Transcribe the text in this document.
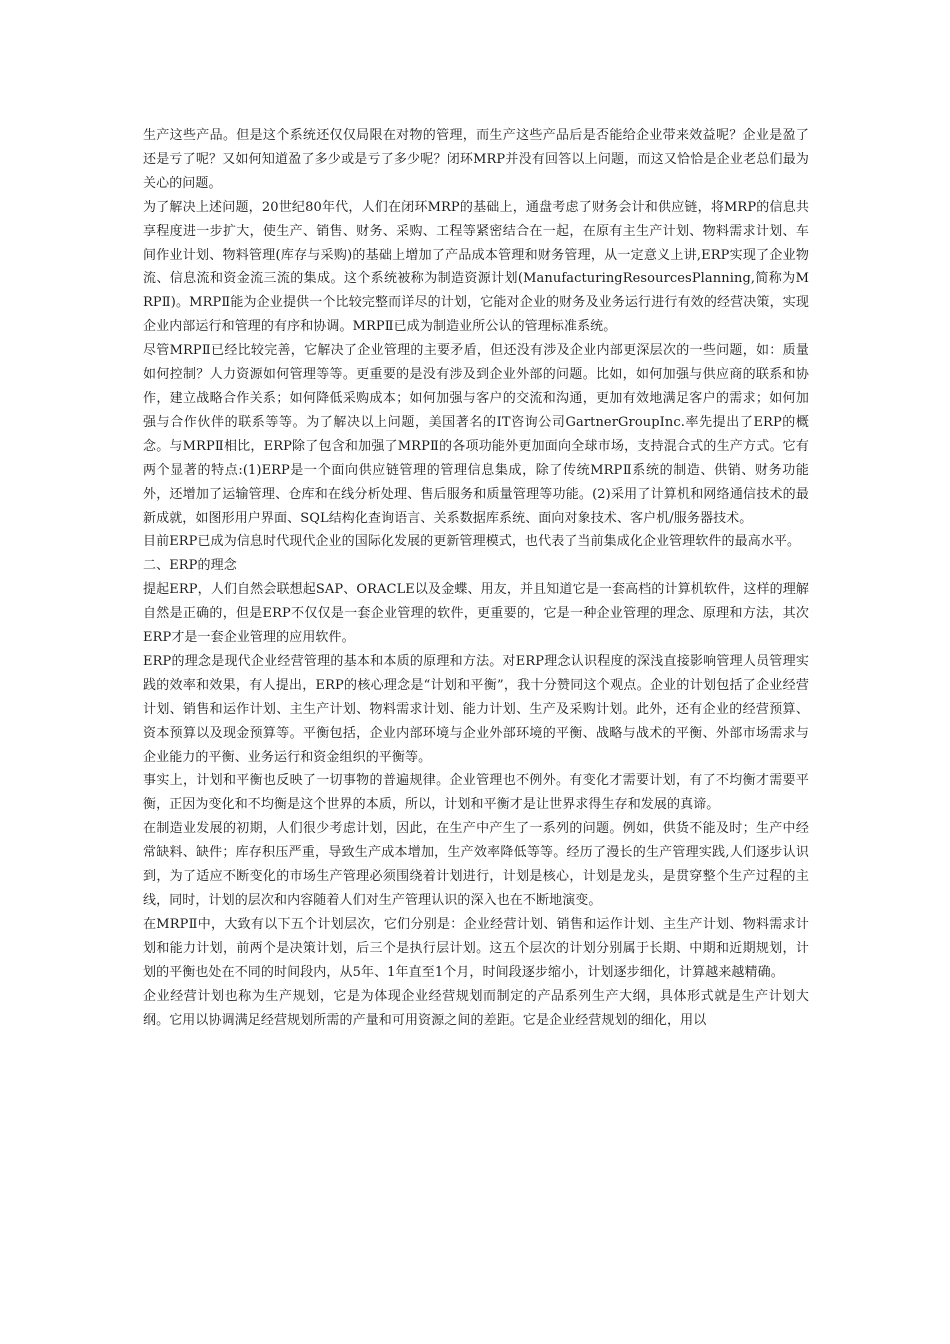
生产这些产品。但是这个系统还仅仅局限在对物的管理，而生产这些产品后是否能给企业带来效益呢？企业是盈了还是亏了呢？又如何知道盈了多少或是亏了多少呢？闭环MRP并没有回答以上问题，而这又恰恰是企业老总们最为关心的问题。

为了解决上述问题，20世纪80年代，人们在闭环MRP的基础上，通盘考虑了财务会计和供应链，将MRP的信息共享程度进一步扩大，使生产、销售、财务、采购、工程等紧密结合在一起，在原有主生产计划、物料需求计划、车间作业计划、物料管理(库存与采购)的基础上增加了产品成本管理和财务管理，从一定意义上讲,ERP实现了企业物流、信息流和资金流三流的集成。这个系统被称为制造资源计划(ManufacturingResourcesPlanning,简称为MRPⅡ)。MRPⅡ能为企业提供一个比较完整而详尽的计划，它能对企业的财务及业务运行进行有效的经营决策，实现企业内部运行和管理的有序和协调。MRPⅡ已成为制造业所公认的管理标准系统。

尽管MRPⅡ已经比较完善，它解决了企业管理的主要矛盾，但还没有涉及企业内部更深层次的一些问题，如：质量如何控制？人力资源如何管理等等。更重要的是没有涉及到企业外部的问题。比如，如何加强与供应商的联系和协作，建立战略合作关系；如何降低采购成本；如何加强与客户的交流和沟通，更加有效地满足客户的需求；如何加强与合作伙伴的联系等等。为了解决以上问题，美国著名的IT咨询公司GartnerGroupInc.率先提出了ERP的概念。与MRPⅡ相比，ERP除了包含和加强了MRPⅡ的各项功能外更加面向全球市场，支持混合式的生产方式。它有两个显著的特点:(1)ERP是一个面向供应链管理的管理信息集成，除了传统MRPⅡ系统的制造、供销、财务功能外，还增加了运输管理、仓库和在线分析处理、售后服务和质量管理等功能。(2)采用了计算机和网络通信技术的最新成就，如图形用户界面、SQL结构化查询语言、关系数据库系统、面向对象技术、客户机/服务器技术。

目前ERP已成为信息时代现代企业的国际化发展的更新管理模式，也代表了当前集成化企业管理软件的最高水平。

二、ERP的理念

提起ERP，人们自然会联想起SAP、ORACLE以及金蝶、用友，并且知道它是一套高档的计算机软件，这样的理解自然是正确的，但是ERP不仅仅是一套企业管理的软件，更重要的，它是一种企业管理的理念、原理和方法，其次ERP才是一套企业管理的应用软件。

ERP的理念是现代企业经营管理的基本和本质的原理和方法。对ERP理念认识程度的深浅直接影响管理人员管理实践的效率和效果，有人提出，ERP的核心理念是“计划和平衡”，我十分赞同这个观点。企业的计划包括了企业经营计划、销售和运作计划、主生产计划、物料需求计划、能力计划、生产及采购计划。此外，还有企业的经营预算、资本预算以及现金预算等。平衡包括，企业内部环境与企业外部环境的平衡、战略与战术的平衡、外部市场需求与企业能力的平衡、业务运行和资金组织的平衡等。

事实上，计划和平衡也反映了一切事物的普遍规律。企业管理也不例外。有变化才需要计划，有了不均衡才需要平衡，正因为变化和不均衡是这个世界的本质，所以，计划和平衡才是让世界求得生存和发展的真谛。

在制造业发展的初期，人们很少考虑计划，因此，在生产中产生了一系列的问题。例如，供货不能及时；生产中经常缺料、缺件；库存积压严重，导致生产成本增加，生产效率降低等等。经历了漫长的生产管理实践,人们逐步认识到，为了适应不断变化的市场生产管理必须围绕着计划进行，计划是核心，计划是龙头，是贯穿整个生产过程的主线，同时，计划的层次和内容随着人们对生产管理认识的深入也在不断地演变。

在MRPⅡ中，大致有以下五个计划层次，它们分别是：企业经营计划、销售和运作计划、主生产计划、物料需求计划和能力计划，前两个是决策计划，后三个是执行层计划。这五个层次的计划分别属于长期、中期和近期规划，计划的平衡也处在不同的时间段内，从5年、1年直至1个月，时间段逐步缩小，计划逐步细化，计算越来越精确。

企业经营计划也称为生产规划，它是为体现企业经营规划而制定的产品系列生产大纲，具体形式就是生产计划大纲。它用以协调满足经营规划所需的产量和可用资源之间的差距。它是企业经营规划的细化，用以
